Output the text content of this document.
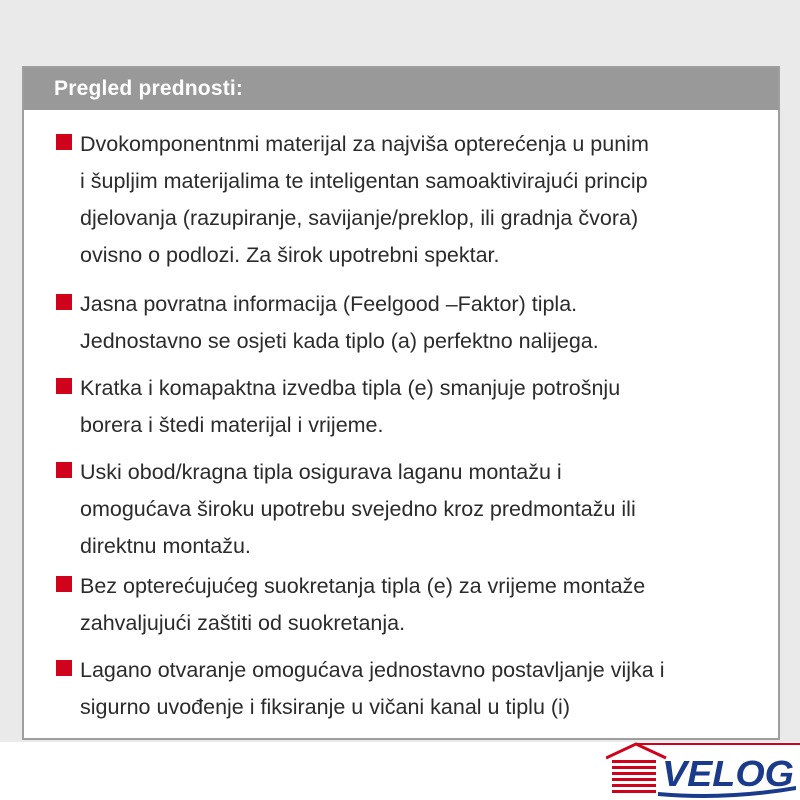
Pregled prednosti:

Dvokomponentnmi materijal za najviša opterećenja u punim
i šupljim materijalima te inteligentan samoaktivirajući princip
djelovanja (razupiranje, savijanje/preklop, ili gradnja čvora)
ovisno o podlozi. Za širok upotrebni spektar.

Jasna povratna informacija (Feelgood –Faktor) tipla.
Jednostavno se osjeti kada tiplo (a) perfektno nalijega.

Kratka i komapaktna izvedba tipla (e) smanjuje potrošnju
borera i štedi materijal i vrijeme.

Uski obod/kragna tipla osigurava laganu montažu i
omogućava široku upotrebu svejedno kroz predmontažu ili
direktnu montažu.

Bez opterećujućeg suokretanja tipla (e) za vrijeme montaže
zahvaljujući zaštiti od suokretanja.

Lagano otvaranje omogućava jednostavno postavljanje vijka i
sigurno uvođenje i fiksiranje u vičani kanal u tiplu (i)

VELOG
